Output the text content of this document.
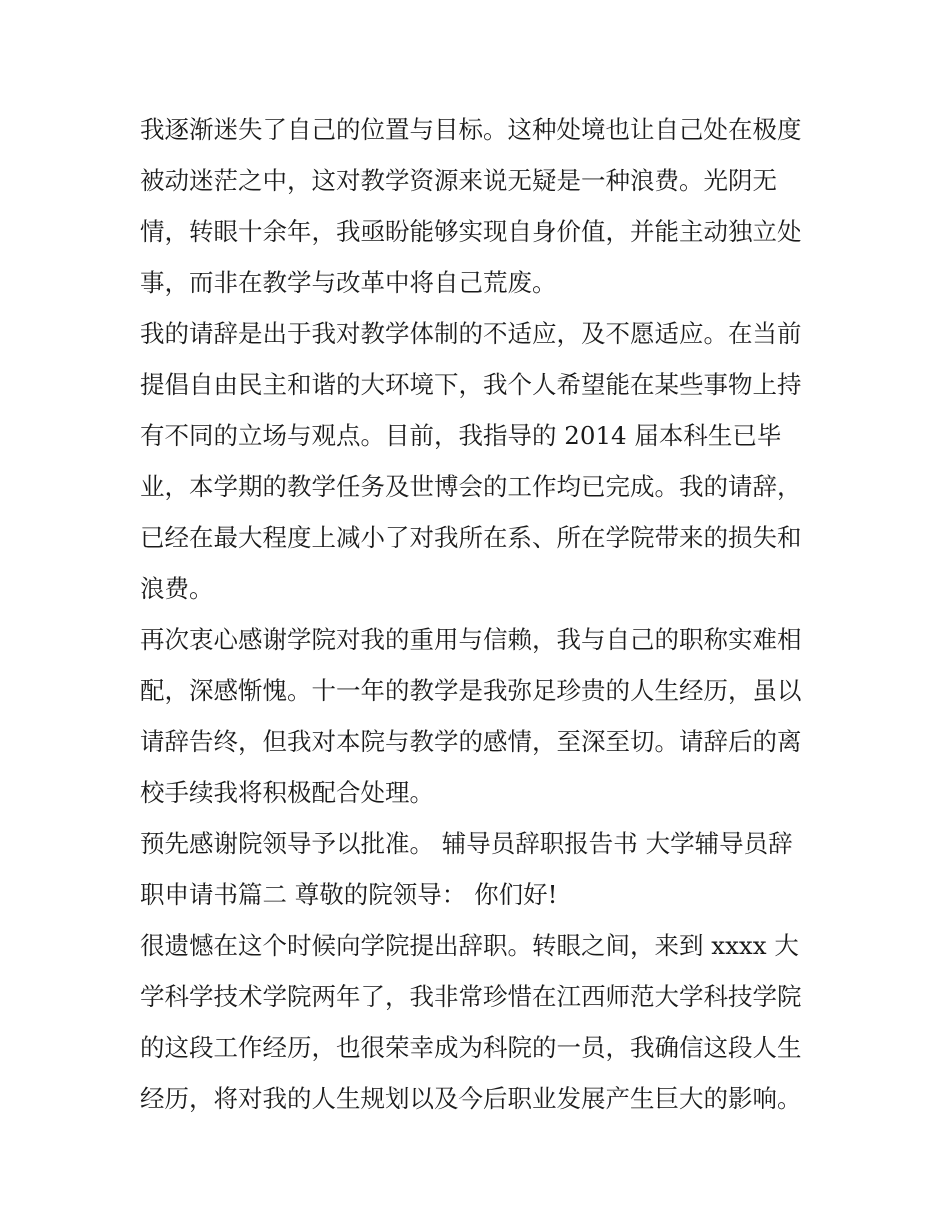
我逐渐迷失了自己的位置与目标。这种处境也让自己处在极度
被动迷茫之中，这对教学资源来说无疑是一种浪费。光阴无
情，转眼十余年，我亟盼能够实现自身价值，并能主动独立处
事，而非在教学与改革中将自己荒废。
我的请辞是出于我对教学体制的不适应，及不愿适应。在当前
提倡自由民主和谐的大环境下，我个人希望能在某些事物上持
有不同的立场与观点。目前，我指导的 2014 届本科生已毕
业，本学期的教学任务及世博会的工作均已完成。我的请辞，
已经在最大程度上减小了对我所在系、所在学院带来的损失和
浪费。
再次衷心感谢学院对我的重用与信赖，我与自己的职称实难相
配，深感惭愧。十一年的教学是我弥足珍贵的人生经历，虽以
请辞告终，但我对本院与教学的感情，至深至切。请辞后的离
校手续我将积极配合处理。
预先感谢院领导予以批准。 辅导员辞职报告书 大学辅导员辞
职申请书篇二 尊敬的院领导： 你们好!
很遗憾在这个时候向学院提出辞职。转眼之间，来到 xxxx 大
学科学技术学院两年了，我非常珍惜在江西师范大学科技学院
的这段工作经历，也很荣幸成为科院的一员，我确信这段人生
经历，将对我的人生规划以及今后职业发展产生巨大的影响。
